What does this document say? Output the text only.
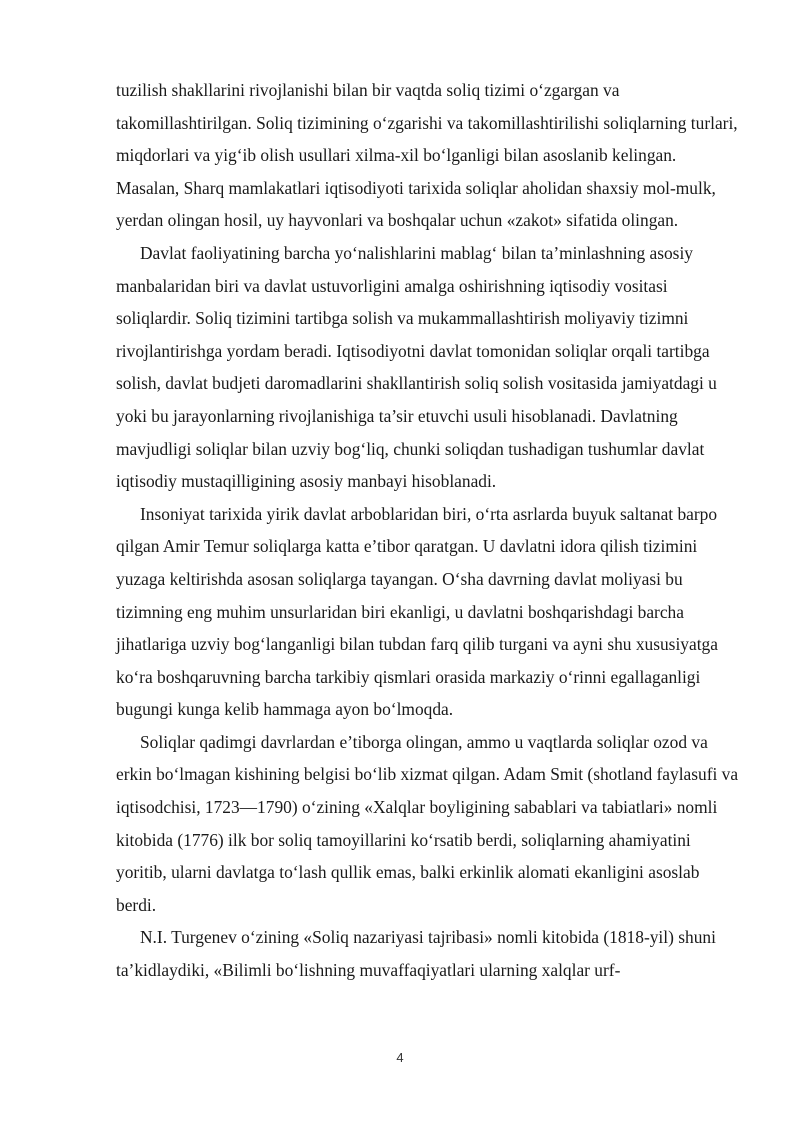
tuzilish shakllarini rivojlanishi bilan bir vaqtda soliq tizimi o‘zgargan va takomillashtirilgan. Soliq tizimining o‘zgarishi va takomillashtirilishi soliqlarning turlari, miqdorlari va yig‘ib olish usullari xilma-xil bo‘lganligi bilan asoslanib kelingan. Masalan, Sharq mamlakatlari iqtisodiyoti tarixida soliqlar aholidan shaxsiy mol-mulk, yerdan olingan hosil, uy hayvonlari va boshqalar uchun «zakot» sifatida olingan.

Davlat faoliyatining barcha yo‘nalishlarini mablag‘ bilan ta’minlashning asosiy manbalaridan biri va davlat ustuvorligini amalga oshirishning iqtisodiy vositasi soliqlardir. Soliq tizimini tartibga solish va mukammallashtirish moliyaviy tizimni rivojlantirishga yordam beradi. Iqtisodiyotni davlat tomonidan soliqlar orqali tartibga solish, davlat budjeti daromadlarini shakllantirish soliq solish vositasida jamiyatdagi u yoki bu jarayonlarning rivojlanishiga ta’sir etuvchi usuli hisoblanadi. Davlatning mavjudligi soliqlar bilan uzviy bog‘liq, chunki soliqdan tushadigan tushumlar davlat iqtisodiy mustaqilligining asosiy manbayi hisoblanadi.

Insoniyat tarixida yirik davlat arboblaridan biri, o‘rta asrlarda buyuk saltanat barpo qilgan Amir Temur soliqlarga katta e’tibor qaratgan. U davlatni idora qilish tizimini yuzaga keltirishda asosan soliqlarga tayangan. O‘sha davrning davlat moliyasi bu tizimning eng muhim unsurlaridan biri ekanligi, u davlatni boshqarishdagi barcha jihatlariga uzviy bog‘langanligi bilan tubdan farq qilib turgani va ayni shu xususiyatga ko‘ra boshqaruvning barcha tarkibiy qismlari orasida markaziy o‘rinni egallaganligi bugungi kunga kelib hammaga ayon bo‘lmoqda.

Soliqlar qadimgi davrlardan e’tiborga olingan, ammo u vaqtlarda soliqlar ozod va erkin bo‘lmagan kishining belgisi bo‘lib xizmat qilgan. Adam Smit (shotland faylasufi va iqtisodchisi, 1723—1790) o‘zining «Xalqlar boyligining sabablari va tabiatlari» nomli kitobida (1776) ilk bor soliq tamoyillarini ko‘rsatib berdi, soliqlarning ahamiyatini yoritib, ularni davlatga to‘lash qullik emas, balki erkinlik alomati ekanligini asoslab berdi.

N.I. Turgenev o‘zining «Soliq nazariyasi tajribasi» nomli kitobida (1818-yil) shuni ta’kidlaydiki, «Bilimli bo‘lishning muvaffaqiyatlari ularning xalqlar urf-

4
